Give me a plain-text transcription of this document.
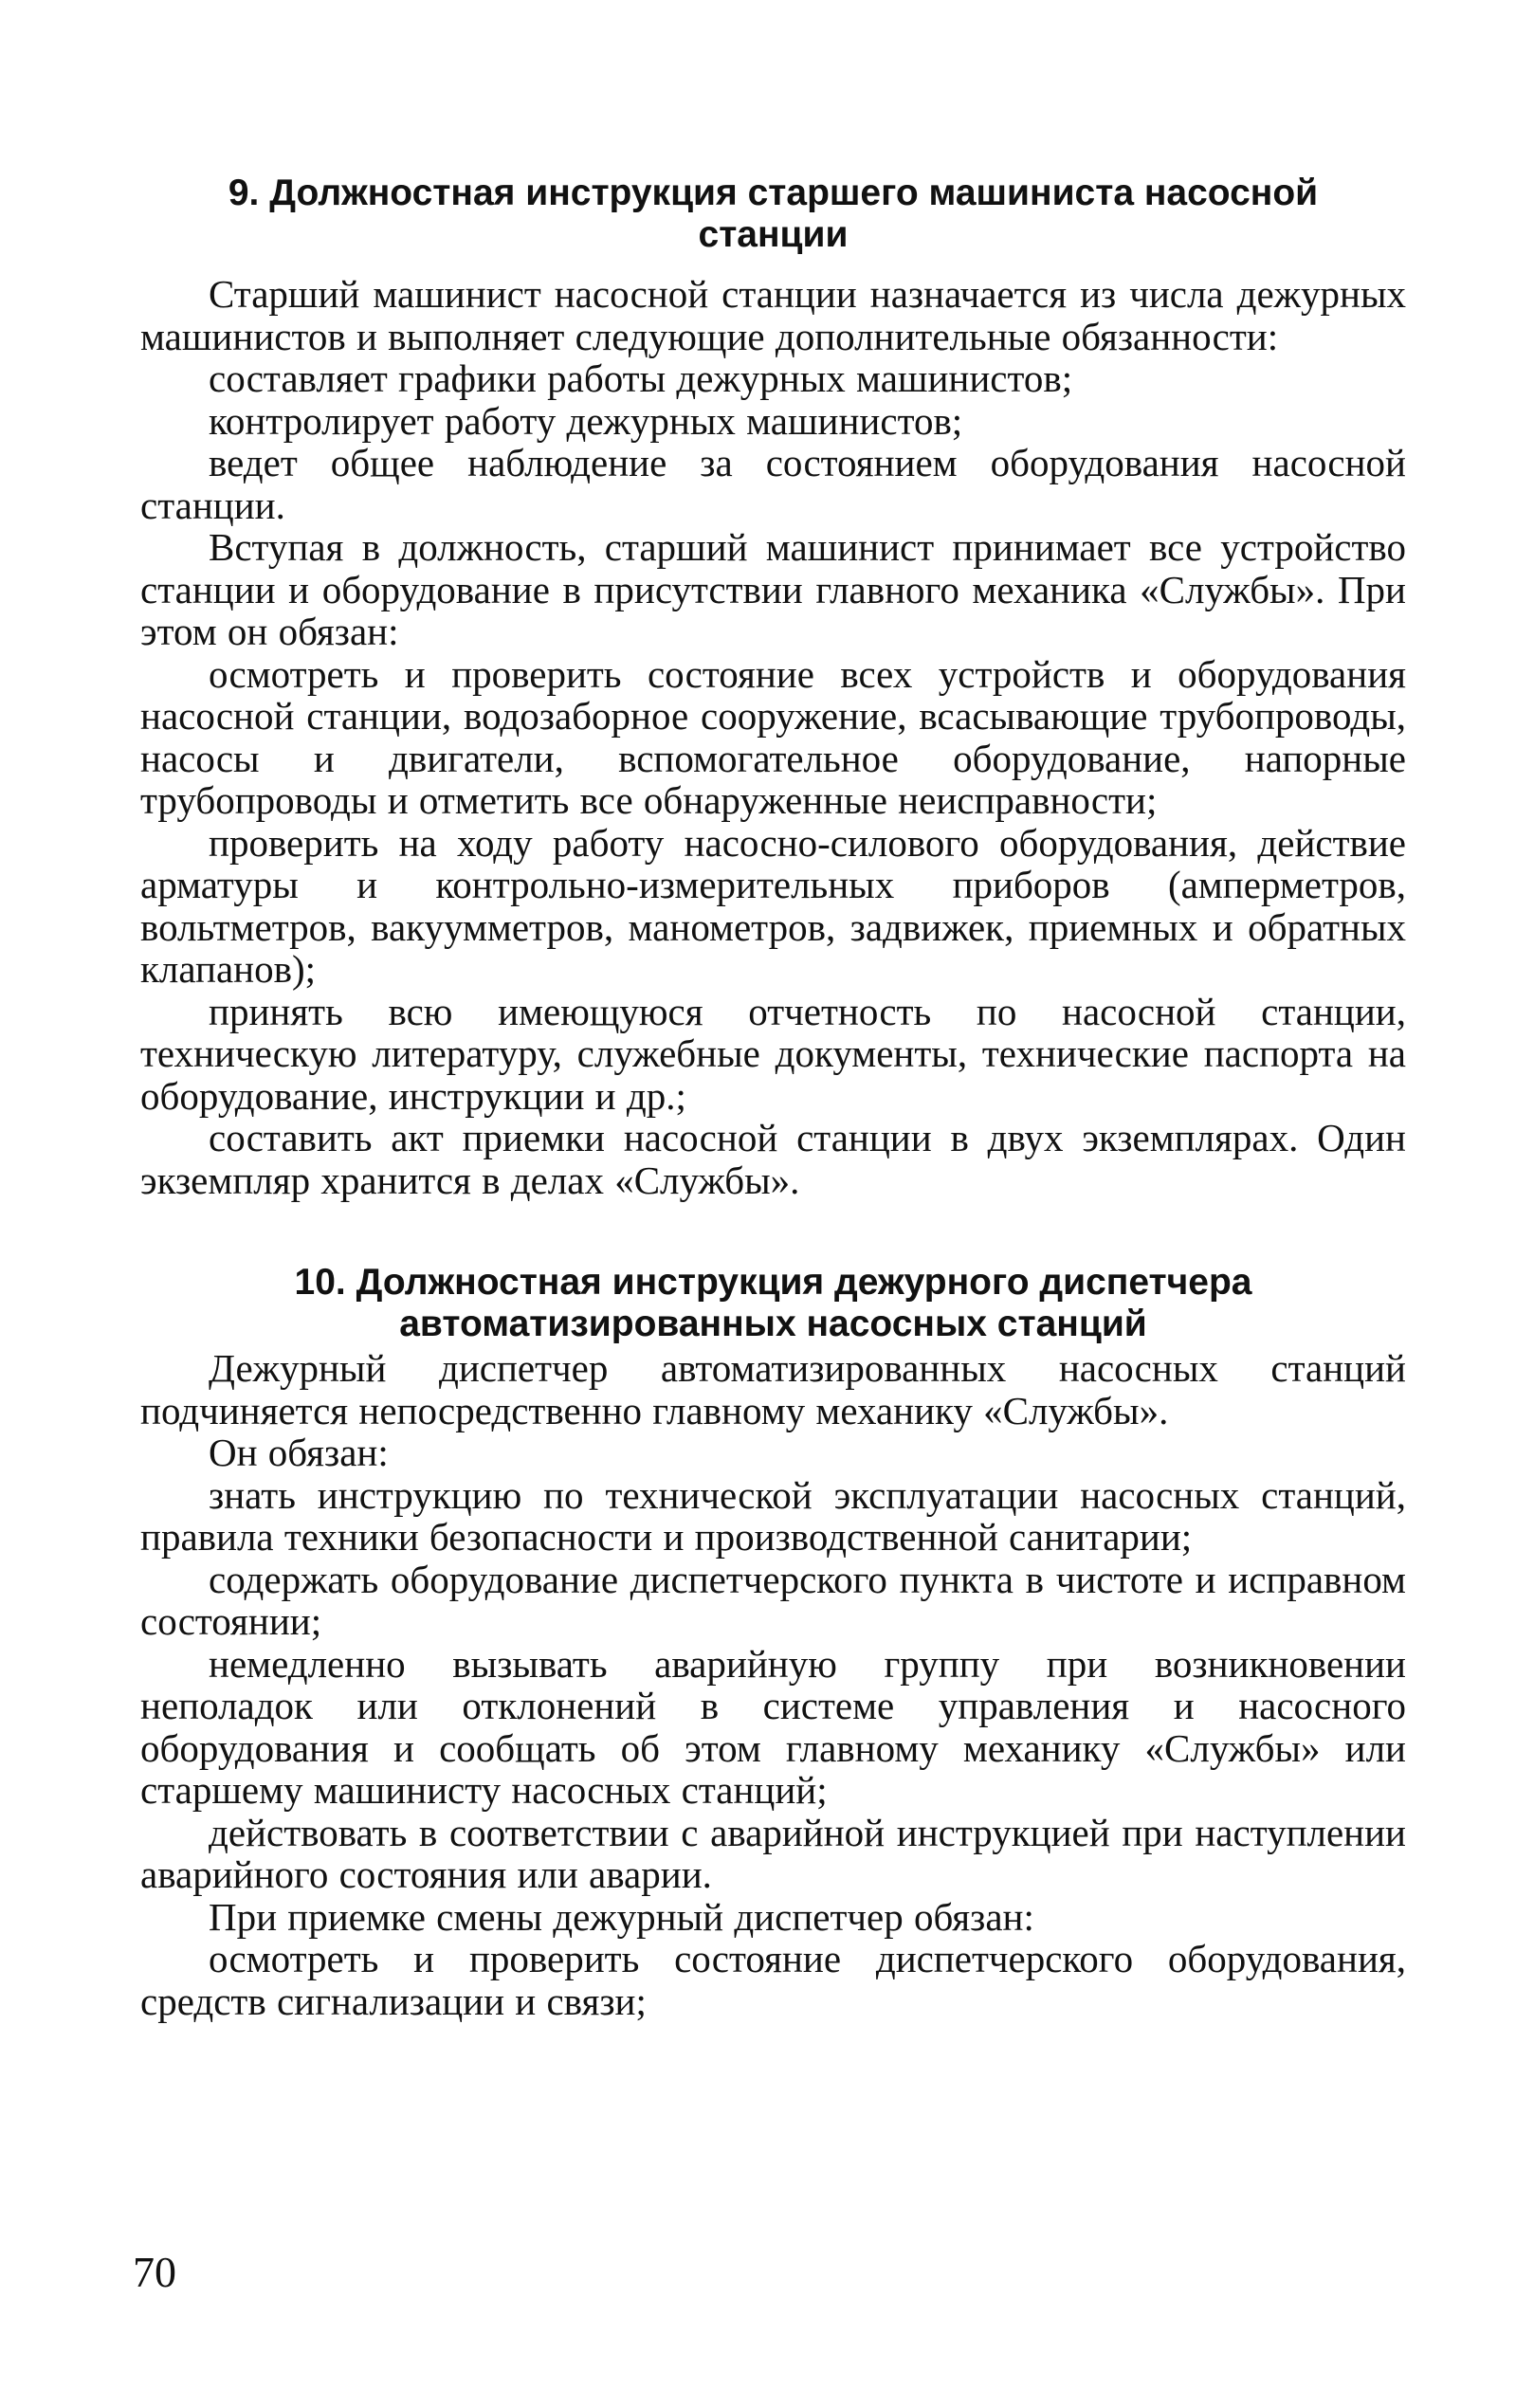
9. Должностная инструкция старшего машиниста насосной станции

Старший машинист насосной станции назначается из числа дежурных машинистов и выполняет следующие дополнительные обязанности:

составляет графики работы дежурных машинистов;

контролирует работу дежурных машинистов;

ведет общее наблюдение за состоянием оборудования насосной станции.

Вступая в должность, старший машинист принимает все устройство станции и оборудование в присутствии главного механика «Службы». При этом он обязан:

осмотреть и проверить состояние всех устройств и оборудования насосной станции, водозаборное сооружение, всасывающие трубопроводы, насосы и двигатели, вспомогательное оборудование, напорные трубопроводы и отметить все обнаруженные неисправности;

проверить на ходу работу насосно-силового оборудования, действие арматуры и контрольно-измерительных приборов (амперметров, вольтметров, вакуумметров, манометров, задвижек, приемных и обратных клапанов);

принять всю имеющуюся отчетность по насосной станции, техническую литературу, служебные документы, технические паспорта на оборудование, инструкции и др.;

составить акт приемки насосной станции в двух экземплярах. Один экземпляр хранится в делах «Службы».

10. Должностная инструкция дежурного диспетчера автоматизированных насосных станций

Дежурный диспетчер автоматизированных насосных станций подчиняется непосредственно главному механику «Службы».

Он обязан:

знать инструкцию по технической эксплуатации насосных станций, правила техники безопасности и производственной санитарии;

содержать оборудование диспетчерского пункта в чистоте и исправном состоянии;

немедленно вызывать аварийную группу при возникновении неполадок или отклонений в системе управления и насосного оборудования и сообщать об этом главному механику «Службы» или старшему машинисту насосных станций;

действовать в соответствии с аварийной инструкцией при наступлении аварийного состояния или аварии.

При приемке смены дежурный диспетчер обязан:

осмотреть и проверить состояние диспетчерского оборудования, средств сигнализации и связи;

70
